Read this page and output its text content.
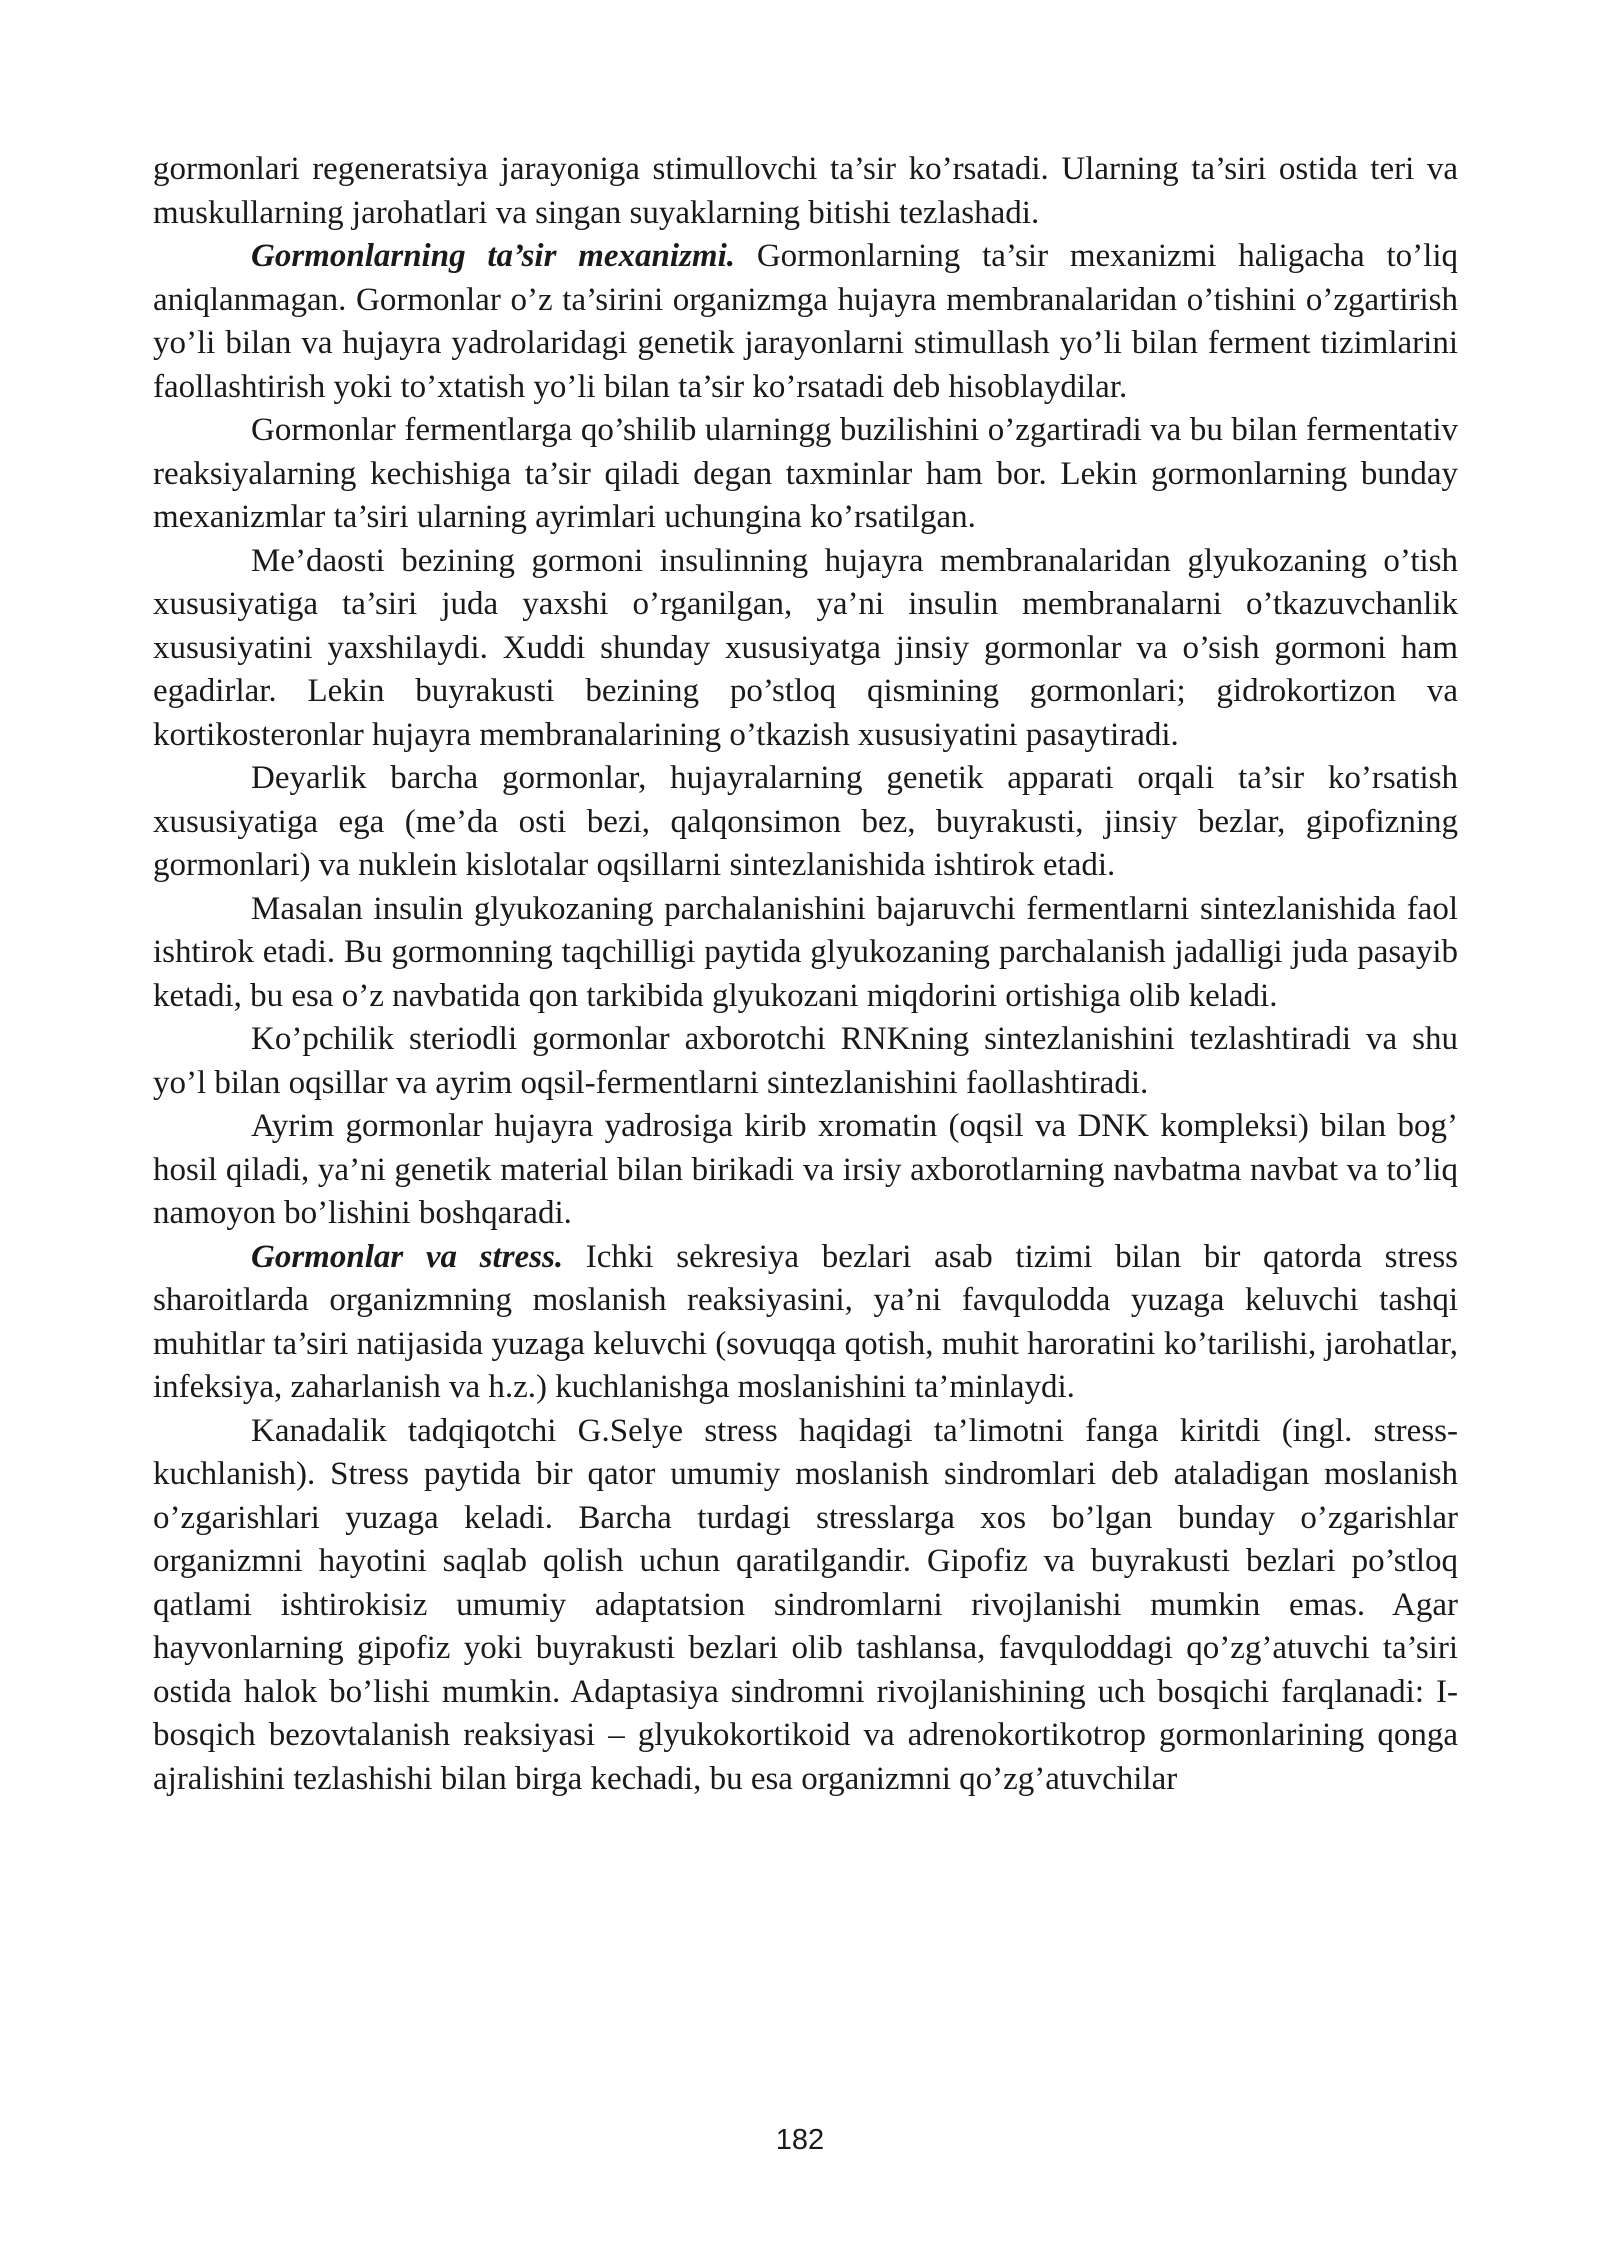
gormonlari regeneratsiya jarayoniga stimullovchi ta’sir ko’rsatadi. Ularning ta’siri ostida teri va muskullarning jarohatlari va singan suyaklarning bitishi tezlashadi.

Gormonlarning ta’sir mexanizmi. Gormonlarning ta’sir mexanizmi haligacha to’liq aniqlanmagan. Gormonlar o’z ta’sirini organizmga hujayra membranalaridan o’tishini o’zgartirish yo’li bilan va hujayra yadrolaridagi genetik jarayonlarni stimullash yo’li bilan ferment tizimlarini faollashtirish yoki to’xtatish yo’li bilan ta’sir ko’rsatadi deb hisoblaydilar.

Gormonlar fermentlarga qo’shilib ularningg buzilishini o’zgartiradi va bu bilan fermentativ reaksiyalarning kechishiga ta’sir qiladi degan taxminlar ham bor. Lekin gormonlarning bunday mexanizmlar ta’siri ularning ayrimlari uchungina ko’rsatilgan.

Me’daosti bezining gormoni insulinning hujayra membranalaridan glyukozaning o’tish xususiyatiga ta’siri juda yaxshi o’rganilgan, ya’ni insulin membranalarni o’tkazuvchanlik xususiyatini yaxshilaydi. Xuddi shunday xususiyatga jinsiy gormonlar va o’sish gormoni ham egadirlar. Lekin buyrakusti bezining po’stloq qismining gormonlari; gidrokortizon va kortikosteronlar hujayra membranalarining o’tkazish xususiyatini pasaytiradi.

Deyarlik barcha gormonlar, hujayralarning genetik apparati orqali ta’sir ko’rsatish xususiyatiga ega (me’da osti bezi, qalqonsimon bez, buyrakusti, jinsiy bezlar, gipofizning gormonlari) va nuklein kislotalar oqsillarni sintezlanishida ishtirok etadi.

Masalan insulin glyukozaning parchalanishini bajaruvchi fermentlarni sintezlanishida faol ishtirok etadi. Bu gormonning taqchilligi paytida glyukozaning parchalanish jadalligi juda pasayib ketadi, bu esa o’z navbatida qon tarkibida glyukozani miqdorini ortishiga olib keladi.

Ko’pchilik steriodli gormonlar axborotchi RNKning sintezlanishini tezlashtiradi va shu yo’l bilan oqsillar va ayrim oqsil-fermentlarni sintezlanishini faollashtiradi.

Ayrim gormonlar hujayra yadrosiga kirib xromatin (oqsil va DNK kompleksi) bilan bog’ hosil qiladi, ya’ni genetik material bilan birikadi va irsiy axborotlarning navbatma navbat va to’liq namoyon bo’lishini boshqaradi.

Gormonlar va stress. Ichki sekresiya bezlari asab tizimi bilan bir qatorda stress sharoitlarda organizmning moslanish reaksiyasini, ya’ni favqulodda yuzaga keluvchi tashqi muhitlar ta’siri natijasida yuzaga keluvchi (sovuqqa qotish, muhit haroratini ko’tarilishi, jarohatlar, infeksiya, zaharlanish va h.z.) kuchlanishga moslanishini ta’minlaydi.

Kanadalik tadqiqotchi G.Selye stress haqidagi ta’limotni fanga kiritdi (ingl. stress- kuchlanish). Stress paytida bir qator umumiy moslanish sindromlari deb ataladigan moslanish o’zgarishlari yuzaga keladi. Barcha turdagi stresslarga xos bo’lgan bunday o’zgarishlar organizmni hayotini saqlab qolish uchun qaratilgandir. Gipofiz va buyrakusti bezlari po’stloq qatlami ishtirokisiz umumiy adaptatsion sindromlarni rivojlanishi mumkin emas. Agar hayvonlarning gipofiz yoki buyrakusti bezlari olib tashlansa, favquloddagi qo’zg’atuvchi ta’siri ostida halok bo’lishi mumkin. Adaptasiya sindromni rivojlanishining uch bosqichi farqlanadi: I-bosqich bezovtalanish reaksiyasi – glyukokortikoid va adrenokortikotrop gormonlarining qonga ajralishini tezlashishi bilan birga kechadi, bu esa organizmni qo’zg’atuvchilar

182
